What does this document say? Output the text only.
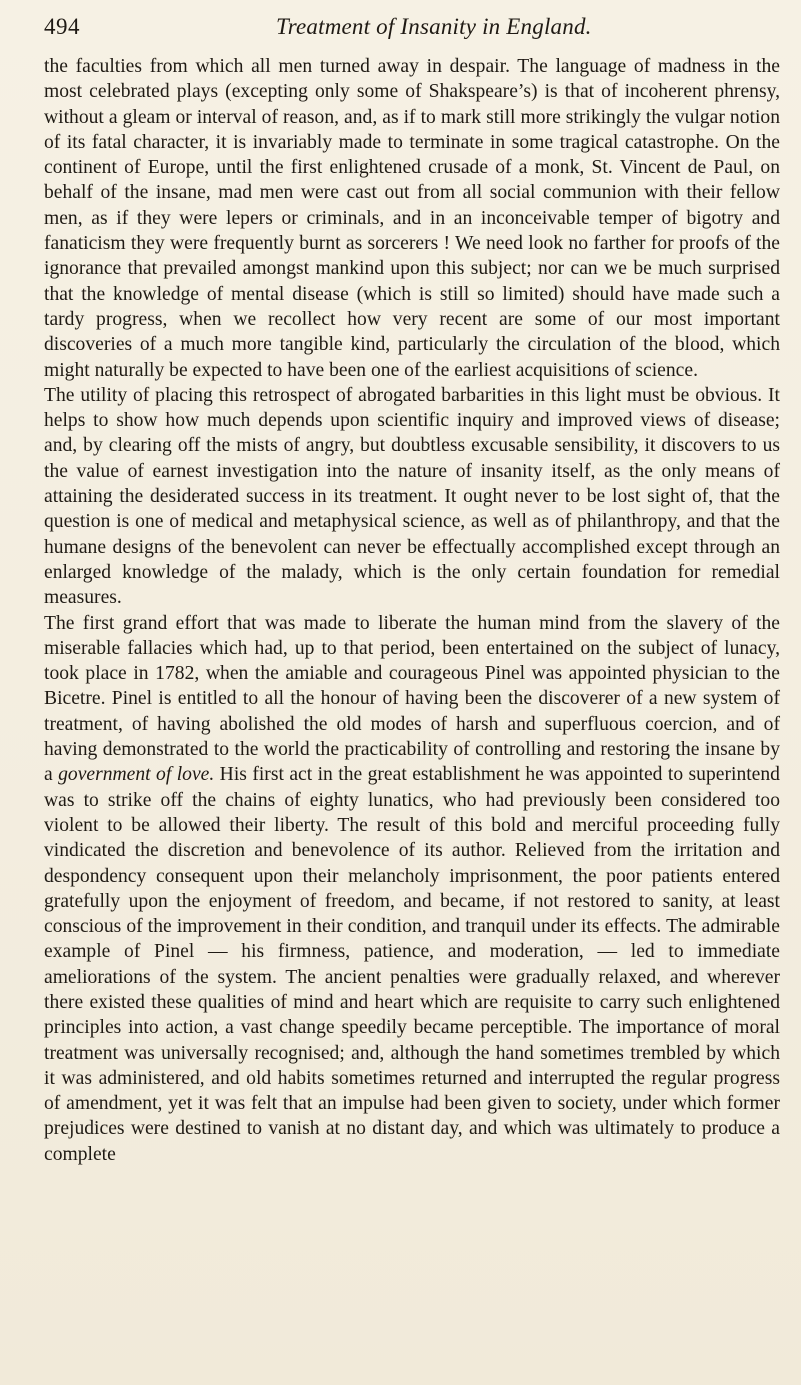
494	Treatment of Insanity in England.

the faculties from which all men turned away in despair. The language of madness in the most celebrated plays (excepting only some of Shakspeare’s) is that of incoherent phrensy, without a gleam or interval of reason, and, as if to mark still more strikingly the vulgar notion of its fatal character, it is invariably made to terminate in some tragical catastrophe. On the continent of Europe, until the first enlightened crusade of a monk, St. Vincent de Paul, on behalf of the insane, mad men were cast out from all social communion with their fellow men, as if they were lepers or criminals, and in an inconceivable temper of bigotry and fanaticism they were frequently burnt as sorcerers ! We need look no farther for proofs of the ignorance that prevailed amongst mankind upon this subject; nor can we be much surprised that the knowledge of mental disease (which is still so limited) should have made such a tardy progress, when we recollect how very recent are some of our most important discoveries of a much more tangible kind, particularly the circulation of the blood, which might naturally be expected to have been one of the earliest acquisitions of science.

The utility of placing this retrospect of abrogated barbarities in this light must be obvious. It helps to show how much depends upon scientific inquiry and improved views of disease; and, by clearing off the mists of angry, but doubtless excusable sensibility, it discovers to us the value of earnest investigation into the nature of insanity itself, as the only means of attaining the desiderated success in its treatment. It ought never to be lost sight of, that the question is one of medical and metaphysical science, as well as of philanthropy, and that the humane designs of the benevolent can never be effectually accomplished except through an enlarged knowledge of the malady, which is the only certain foundation for remedial measures.

The first grand effort that was made to liberate the human mind from the slavery of the miserable fallacies which had, up to that period, been entertained on the subject of lunacy, took place in 1782, when the amiable and courageous Pinel was appointed physician to the Bicetre. Pinel is entitled to all the honour of having been the discoverer of a new system of treatment, of having abolished the old modes of harsh and superfluous coercion, and of having demonstrated to the world the practicability of controlling and restoring the insane by a government of love. His first act in the great establishment he was appointed to superintend was to strike off the chains of eighty lunatics, who had previously been considered too violent to be allowed their liberty. The result of this bold and merciful proceeding fully vindicated the discretion and benevolence of its author. Relieved from the irritation and despondency consequent upon their melancholy imprisonment, the poor patients entered gratefully upon the enjoyment of freedom, and became, if not restored to sanity, at least conscious of the improvement in their condition, and tranquil under its effects. The admirable example of Pinel — his firmness, patience, and moderation, — led to immediate ameliorations of the system. The ancient penalties were gradually relaxed, and wherever there existed these qualities of mind and heart which are requisite to carry such enlightened principles into action, a vast change speedily became perceptible. The importance of moral treatment was universally recognised; and, although the hand sometimes trembled by which it was administered, and old habits sometimes returned and interrupted the regular progress of amendment, yet it was felt that an impulse had been given to society, under which former prejudices were destined to vanish at no distant day, and which was ultimately to produce a complete
